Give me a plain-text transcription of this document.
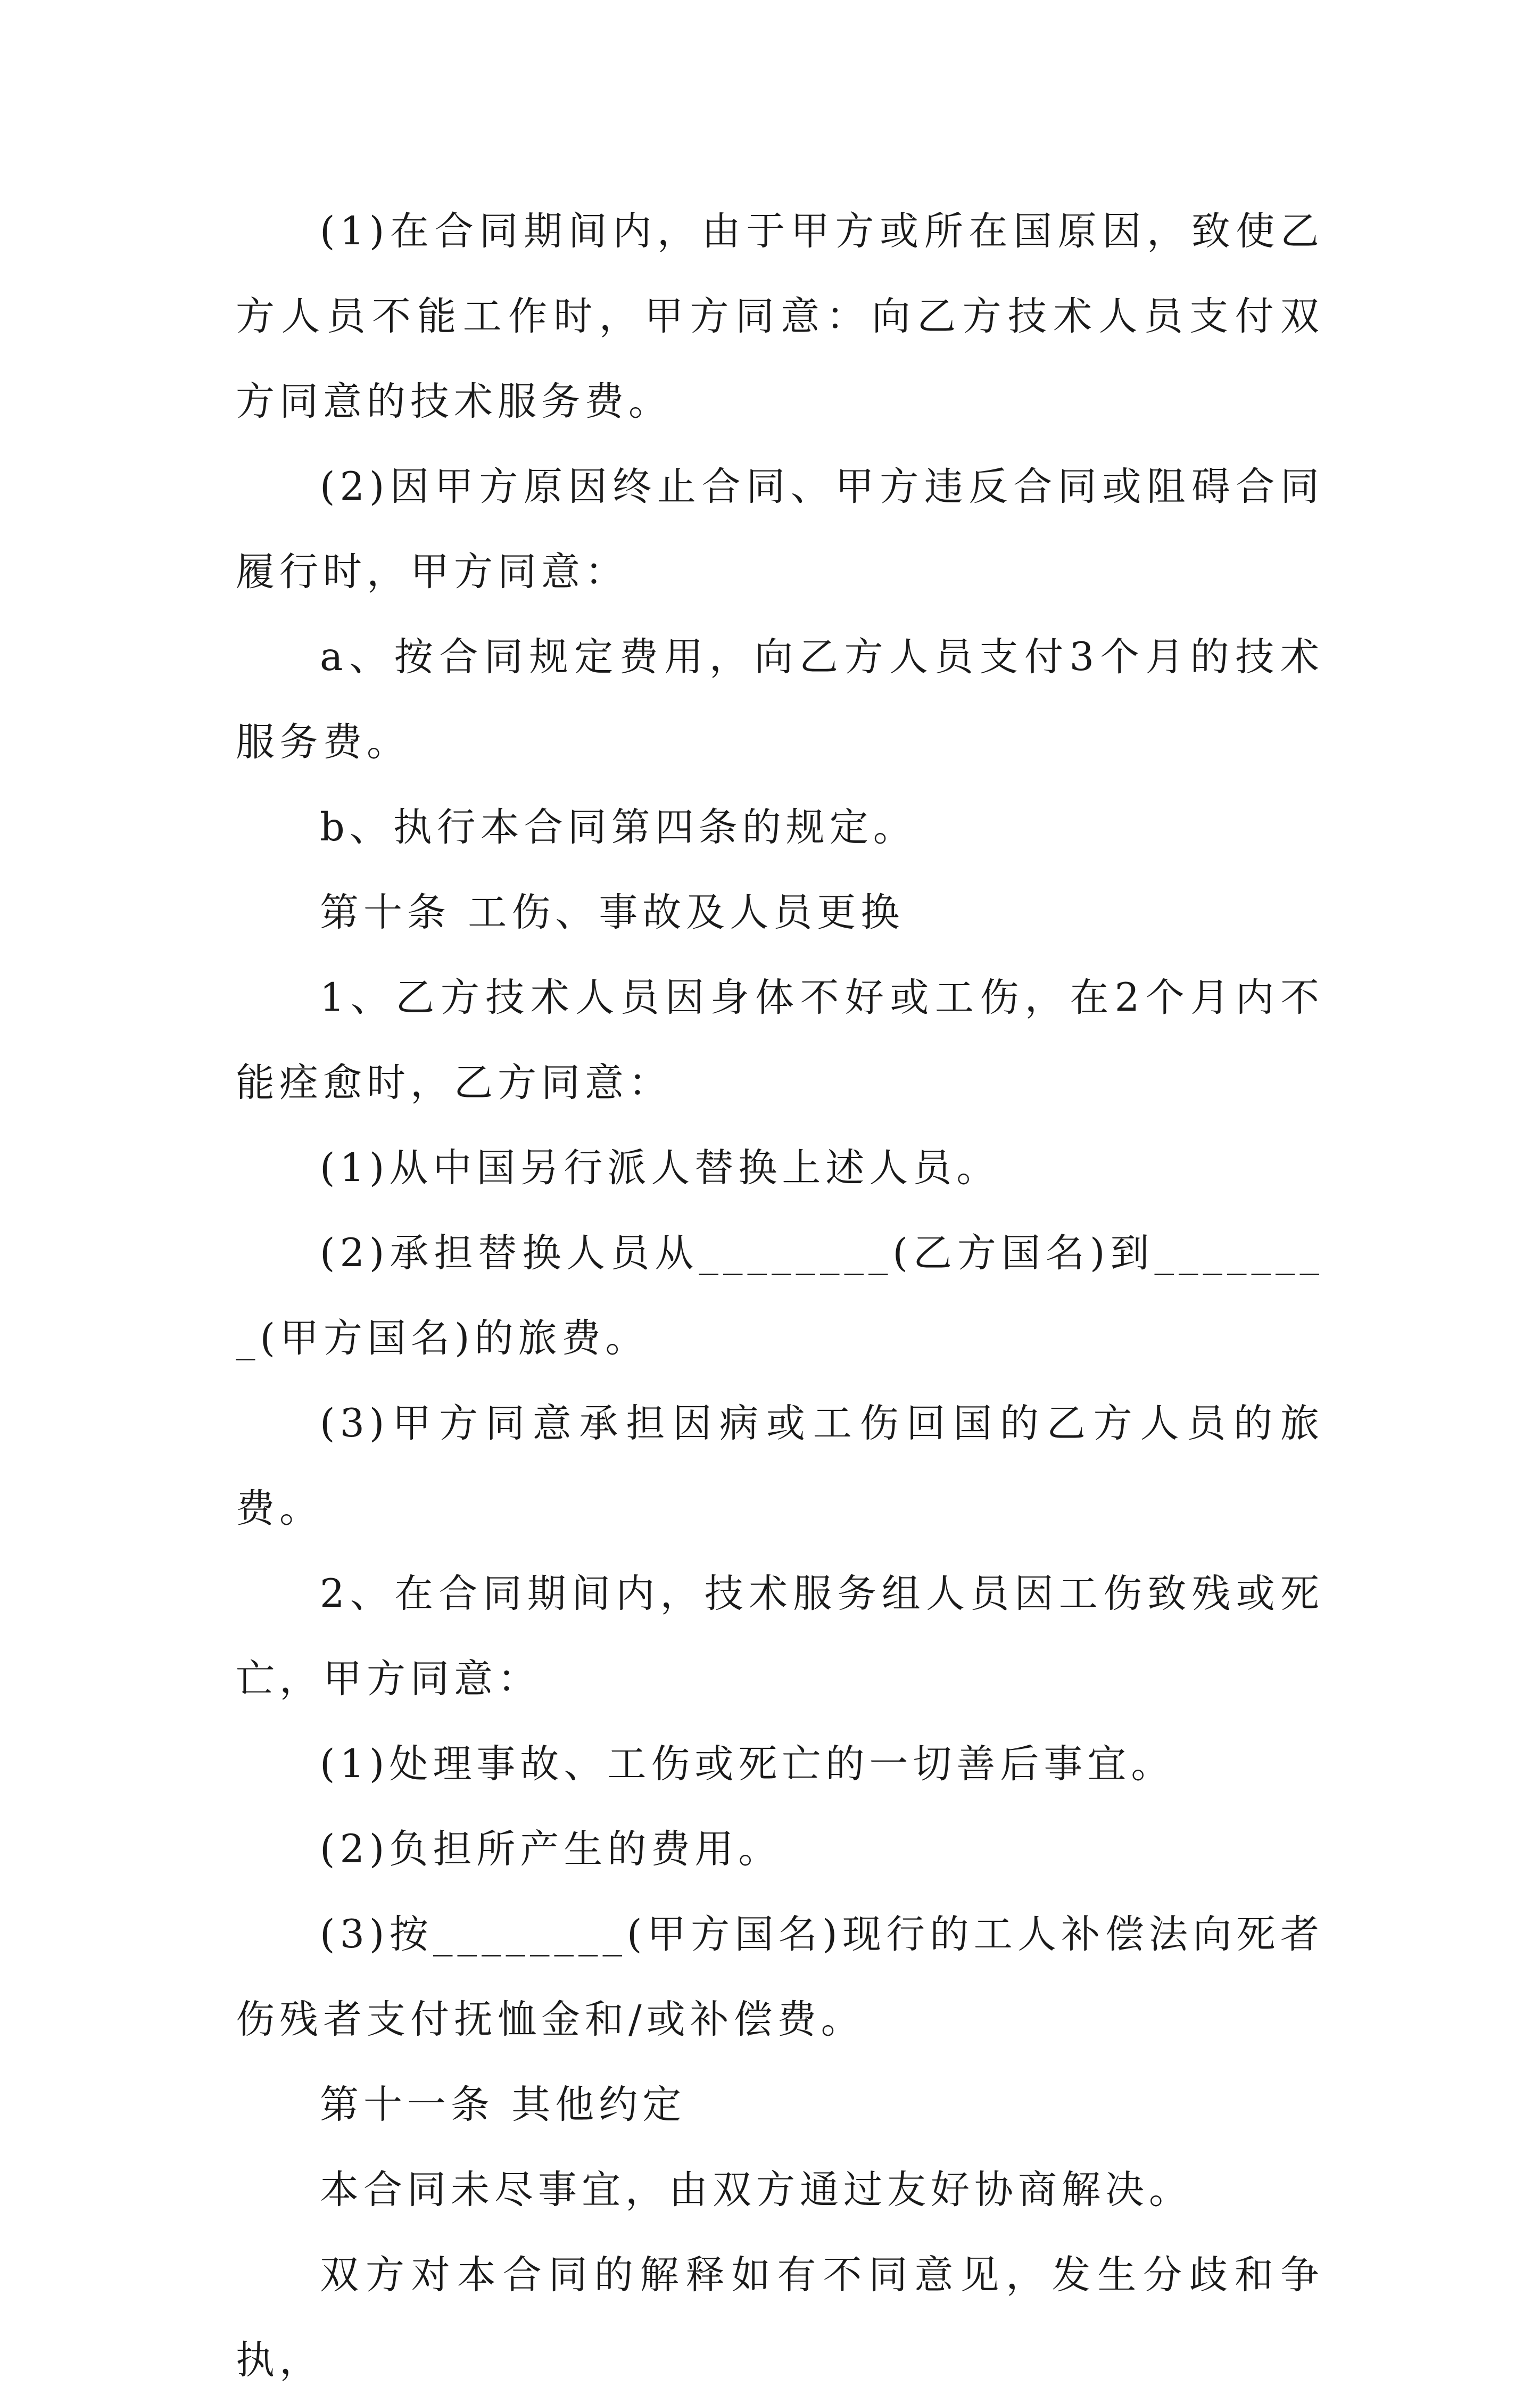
(1)在合同期间内，由于甲方或所在国原因，致使乙方人员不能工作时，甲方同意：向乙方技术人员支付双方同意的技术服务费。

(2)因甲方原因终止合同、甲方违反合同或阻碍合同履行时，甲方同意：

a、按合同规定费用，向乙方人员支付3个月的技术服务费。

b、执行本合同第四条的规定。

第十条 工伤、事故及人员更换

1、乙方技术人员因身体不好或工伤，在2个月内不能痊愈时，乙方同意：

(1)从中国另行派人替换上述人员。

(2)承担替换人员从________(乙方国名)到________(甲方国名)的旅费。

(3)甲方同意承担因病或工伤回国的乙方人员的旅费。

2、在合同期间内，技术服务组人员因工伤致残或死亡，甲方同意：

(1)处理事故、工伤或死亡的一切善后事宜。

(2)负担所产生的费用。

(3)按________(甲方国名)现行的工人补偿法向死者伤残者支付抚恤金和/或补偿费。

第十一条 其他约定

本合同未尽事宜，由双方通过友好协商解决。

双方对本合同的解释如有不同意见，发生分歧和争执，
